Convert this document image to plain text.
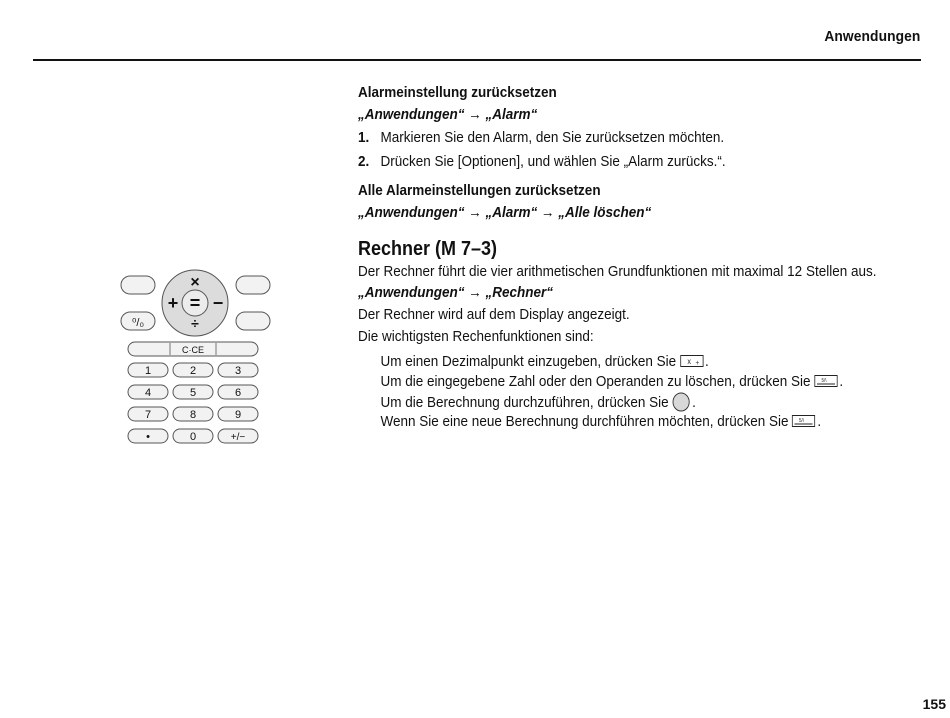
Anwendungen
×
+ = −
÷
⁰/₀
C·CE
1	2	3
4	5	6
7	8	9
•	0	+/−
Alarmeinstellung zurücksetzen
„Anwendungen“ → „Alarm“
1. Markieren Sie den Alarm, den Sie zurücksetzen möchten.
2. Drücken Sie [Optionen], und wählen Sie „Alarm zurücks.“.
Alle Alarmeinstellungen zurücksetzen
„Anwendungen“ → „Alarm“ → „Alle löschen“
Rechner (M 7–3)
Der Rechner führt die vier arithmetischen Grundfunktionen mit maximal 12 Stellen aus.
„Anwendungen“ → „Rechner“
Der Rechner wird auf dem Display angezeigt.
Die wichtigsten Rechenfunktionen sind:
Um einen Dezimalpunkt einzugeben, drücken Sie x + .
Um die eingegebene Zahl oder den Operanden zu löschen, drücken Sie 5/\ .
Um die Berechnung durchzuführen, drücken Sie .
Wenn Sie eine neue Berechnung durchführen möchten, drücken Sie 5/\ .
155
